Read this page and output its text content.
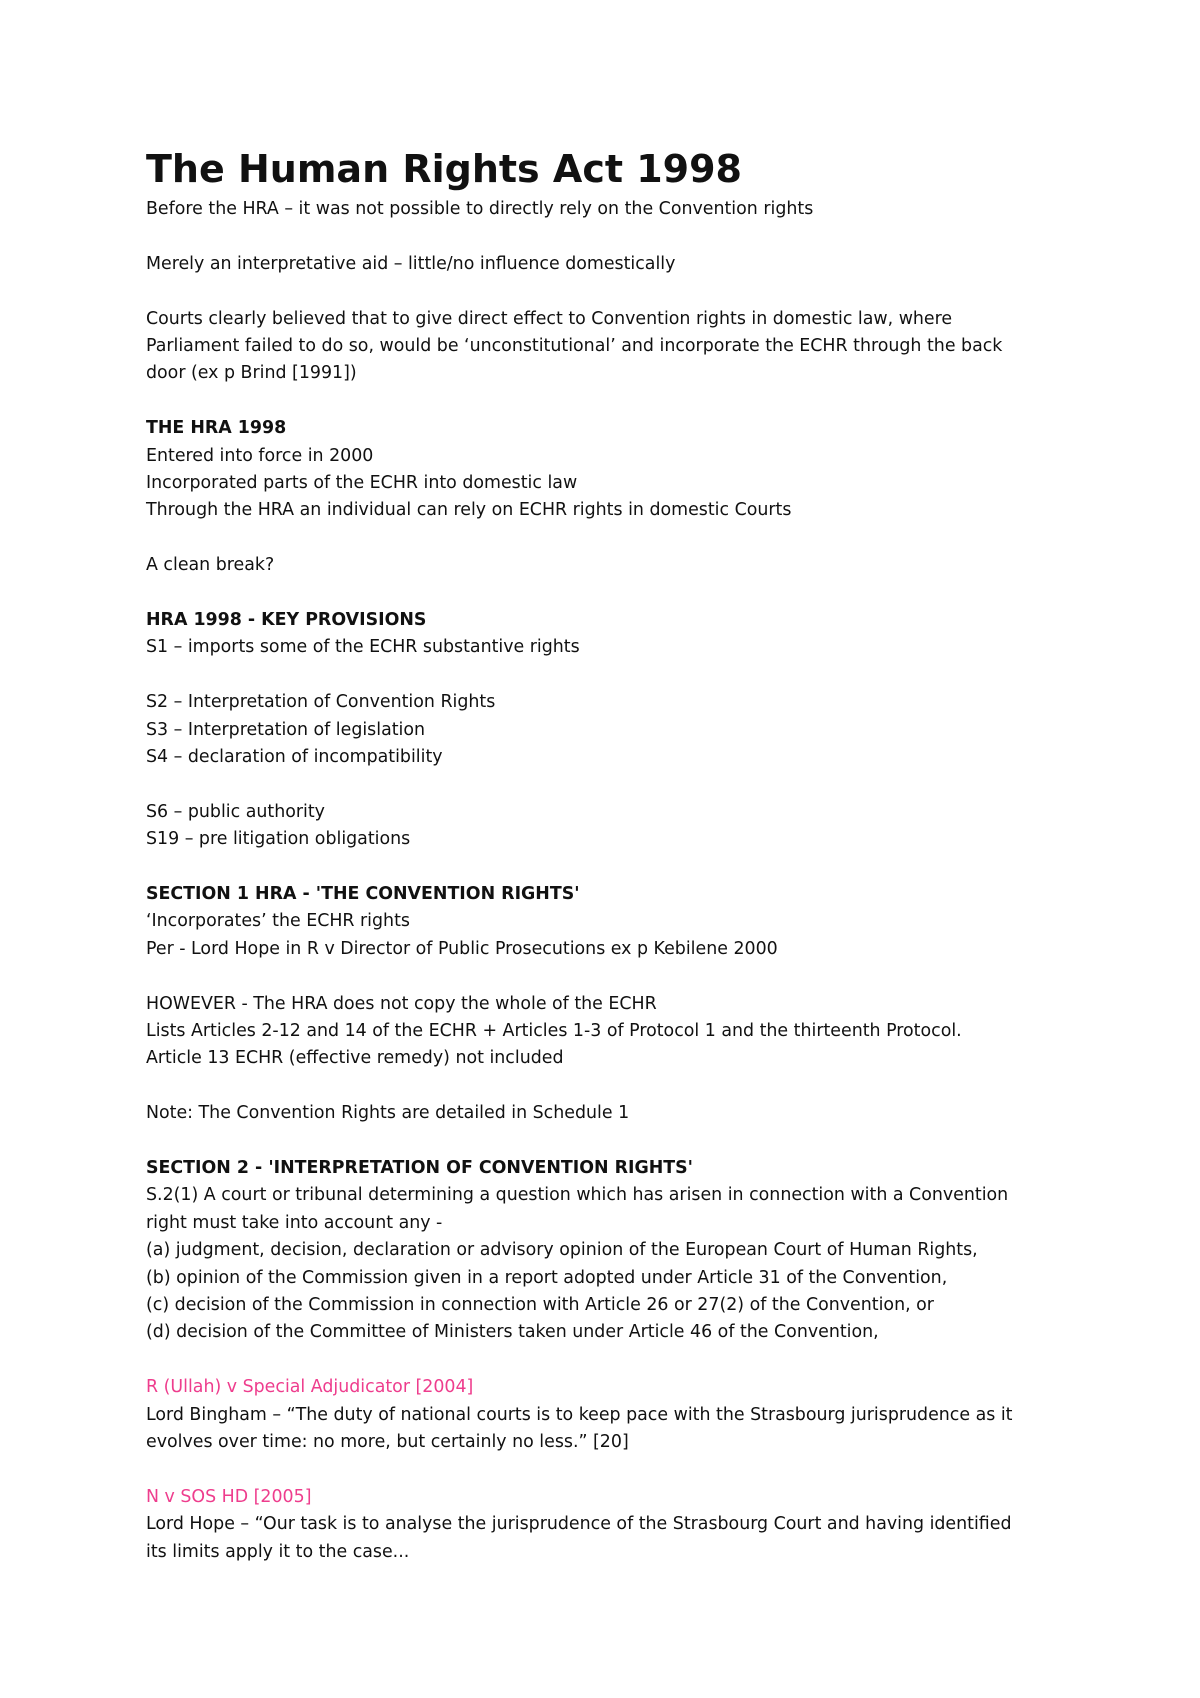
The Human Rights Act 1998

Before the HRA – it was not possible to directly rely on the Convention rights

Merely an interpretative aid – little/no influence domestically

Courts clearly believed that to give direct effect to Convention rights in domestic law, where

Parliament failed to do so, would be ‘unconstitutional’ and incorporate the ECHR through the back

door (ex p Brind [1991])

THE HRA 1998

Entered into force in 2000

Incorporated parts of the ECHR into domestic law

Through the HRA an individual can rely on ECHR rights in domestic Courts

A clean break?

HRA 1998 - KEY PROVISIONS

S1 – imports some of the ECHR substantive rights

S2 – Interpretation of Convention Rights

S3 – Interpretation of legislation

S4 – declaration of incompatibility

S6 – public authority

S19 – pre litigation obligations

SECTION 1 HRA - 'THE CONVENTION RIGHTS'

‘Incorporates’ the ECHR rights

Per - Lord Hope in R v Director of Public Prosecutions ex p Kebilene 2000

HOWEVER - The HRA does not copy the whole of the ECHR

Lists Articles 2-12 and 14 of the ECHR + Articles 1-3 of Protocol 1 and the thirteenth Protocol.

Article 13 ECHR (effective remedy) not included

Note: The Convention Rights are detailed in Schedule 1

SECTION 2 - 'INTERPRETATION OF CONVENTION RIGHTS'

S.2(1) A court or tribunal determining a question which has arisen in connection with a Convention

right must take into account any -

(a) judgment, decision, declaration or advisory opinion of the European Court of Human Rights,

(b) opinion of the Commission given in a report adopted under Article 31 of the Convention,

(c) decision of the Commission in connection with Article 26 or 27(2) of the Convention, or

(d) decision of the Committee of Ministers taken under Article 46 of the Convention,

R (Ullah) v Special Adjudicator [2004]

Lord Bingham – “The duty of national courts is to keep pace with the Strasbourg jurisprudence as it

evolves over time: no more, but certainly no less.” [20]

N v SOS HD [2005]

Lord Hope – “Our task is to analyse the jurisprudence of the Strasbourg Court and having identified

its limits apply it to the case...
